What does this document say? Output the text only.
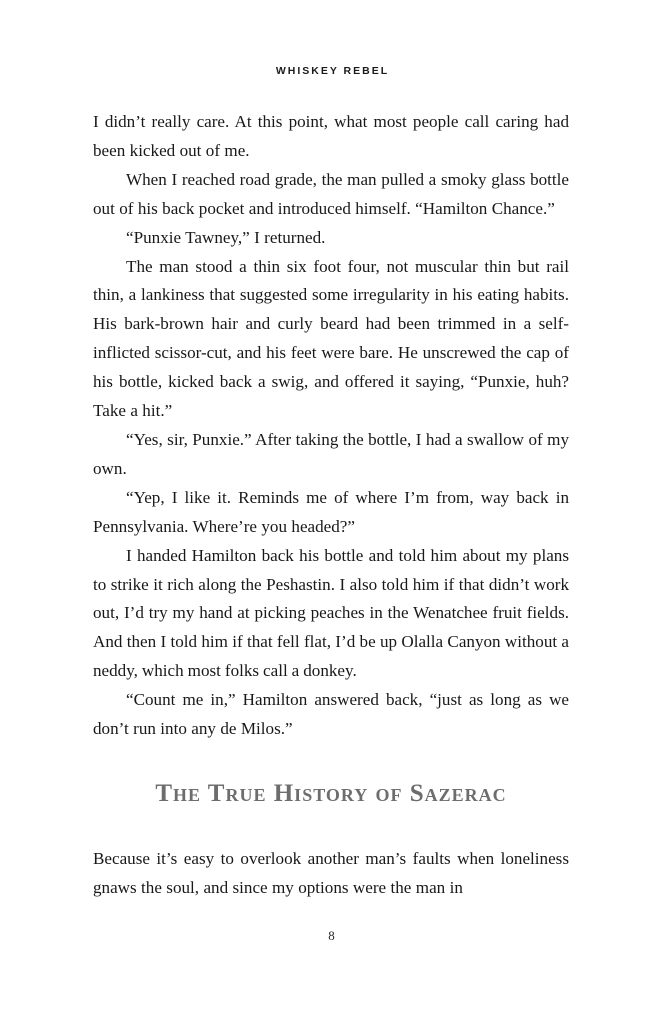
WHISKEY REBEL

I didn’t really care. At this point, what most people call caring had been kicked out of me.

When I reached road grade, the man pulled a smoky glass bottle out of his back pocket and introduced himself. “Hamilton Chance.”

“Punxie Tawney,” I returned.

The man stood a thin six foot four, not muscular thin but rail thin, a lankiness that suggested some irregularity in his eating habits. His bark-brown hair and curly beard had been trimmed in a self-inflicted scissor-cut, and his feet were bare. He unscrewed the cap of his bottle, kicked back a swig, and offered it saying, “Punxie, huh? Take a hit.”

“Yes, sir, Punxie.” After taking the bottle, I had a swallow of my own.

“Yep, I like it. Reminds me of where I’m from, way back in Pennsylvania. Where’re you headed?”

I handed Hamilton back his bottle and told him about my plans to strike it rich along the Peshastin. I also told him if that didn’t work out, I’d try my hand at picking peaches in the Wenatchee fruit fields. And then I told him if that fell flat, I’d be up Olalla Canyon without a neddy, which most folks call a donkey.

“Count me in,” Hamilton answered back, “just as long as we don’t run into any de Milos.”

The True History of Sazerac

Because it’s easy to overlook another man’s faults when loneliness gnaws the soul, and since my options were the man in

8
